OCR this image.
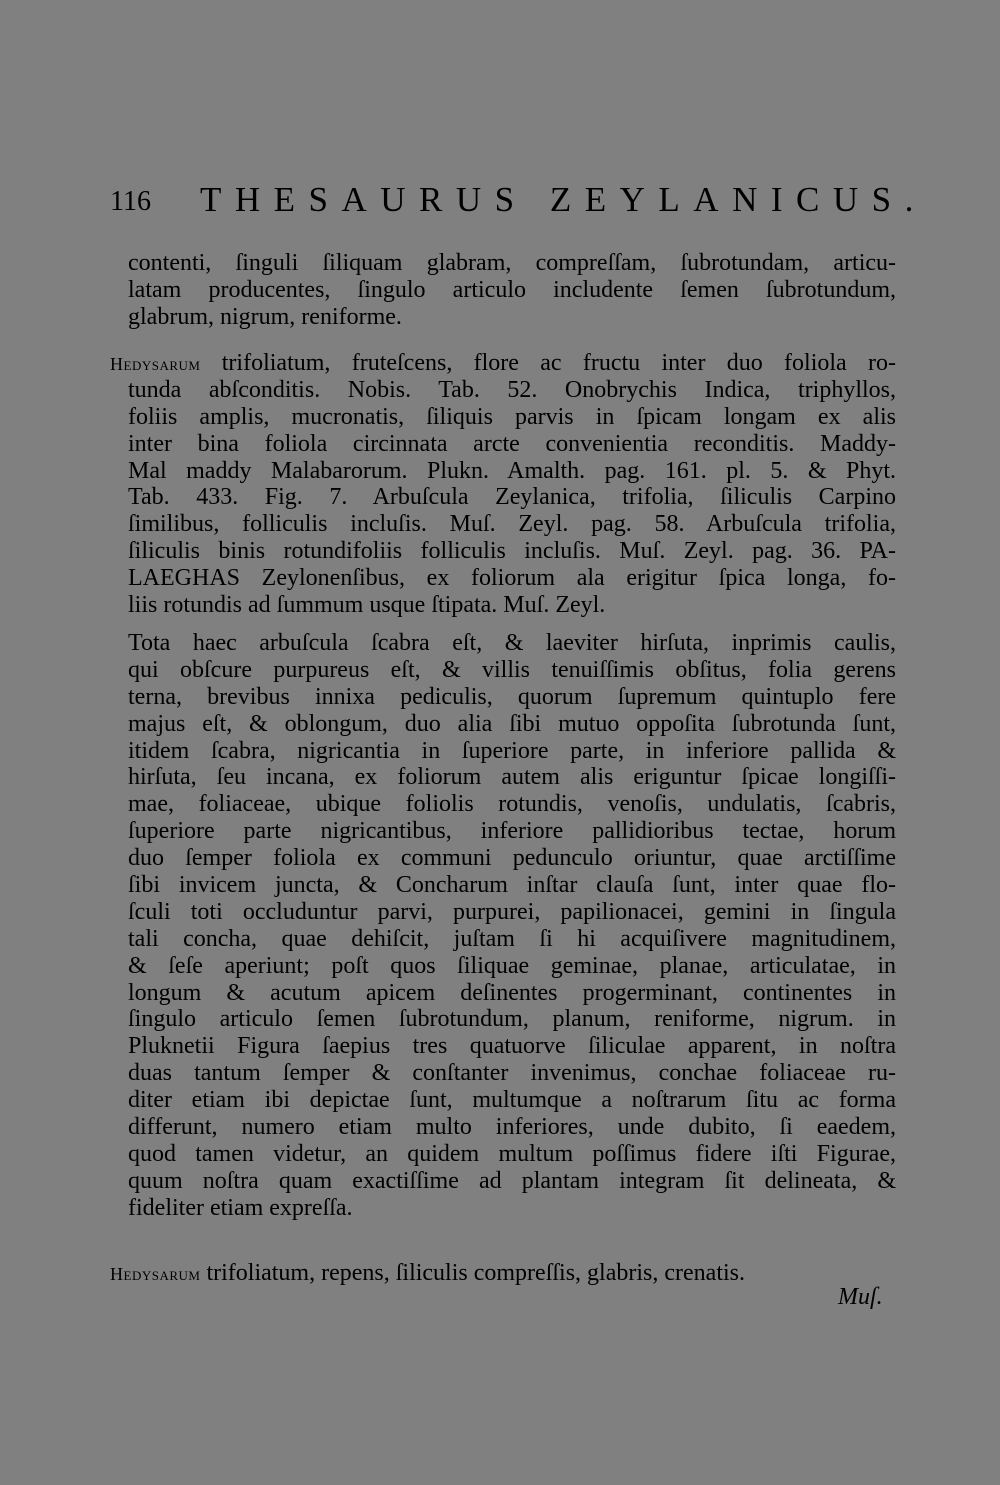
116 THESAURUS ZEYLANICUS.
contenti, ſinguli ſiliquam glabram, compreſſam, ſubrotundam, articu-
latam producentes, ſingulo articulo includente ſemen ſubrotundum,
glabrum, nigrum, reniforme.
Hedysarum trifoliatum, fruteſcens, flore ac fructu inter duo foliola ro-
tunda abſconditis. Nobis. Tab. 52. Onobrychis Indica, triphyllos,
foliis amplis, mucronatis, ſiliquis parvis in ſpicam longam ex alis
inter bina foliola circinnata arcte convenientia reconditis. Maddy-
Mal maddy Malabarorum. Plukn. Amalth. pag. 161. pl. 5. & Phyt.
Tab. 433. Fig. 7. Arbuſcula Zeylanica, trifolia, ſiliculis Carpino
ſimilibus, folliculis incluſis. Muſ. Zeyl. pag. 58. Arbuſcula trifolia,
ſiliculis binis rotundifoliis folliculis incluſis. Muſ. Zeyl. pag. 36. PA-
LAEGHAS Zeylonenſibus, ex foliorum ala erigitur ſpica longa, fo-
liis rotundis ad ſummum usque ſtipata. Muſ. Zeyl.
Tota haec arbuſcula ſcabra eſt, & laeviter hirſuta, inprimis caulis,
qui obſcure purpureus eſt, & villis tenuiſſimis obſitus, folia gerens
terna, brevibus innixa pediculis, quorum ſupremum quintuplo fere
majus eſt, & oblongum, duo alia ſibi mutuo oppoſita ſubrotunda ſunt,
itidem ſcabra, nigricantia in ſuperiore parte, in inferiore pallida &
hirſuta, ſeu incana, ex foliorum autem alis eriguntur ſpicae longiſſi-
mae, foliaceae, ubique foliolis rotundis, venoſis, undulatis, ſcabris,
ſuperiore parte nigricantibus, inferiore pallidioribus tectae, horum
duo ſemper foliola ex communi pedunculo oriuntur, quae arctiſſime
ſibi invicem juncta, & Concharum inſtar clauſa ſunt, inter quae flo-
ſculi toti occluduntur parvi, purpurei, papilionacei, gemini in ſingula
tali concha, quae dehiſcit, juſtam ſi hi acquiſivere magnitudinem,
& ſeſe aperiunt; poſt quos ſiliquae geminae, planae, articulatae, in
longum & acutum apicem deſinentes progerminant, continentes in
ſingulo articulo ſemen ſubrotundum, planum, reniforme, nigrum. in
Pluknetii Figura ſaepius tres quatuorve ſiliculae apparent, in noſtra
duas tantum ſemper & conſtanter invenimus, conchae foliaceae ru-
diter etiam ibi depictae ſunt, multumque a noſtrarum ſitu ac forma
differunt, numero etiam multo inferiores, unde dubito, ſi eaedem,
quod tamen videtur, an quidem multum poſſimus fidere iſti Figurae,
quum noſtra quam exactiſſime ad plantam integram ſit delineata, &
fideliter etiam expreſſa.
Hedysarum trifoliatum, repens, ſiliculis compreſſis, glabris, crenatis.
Muſ.
